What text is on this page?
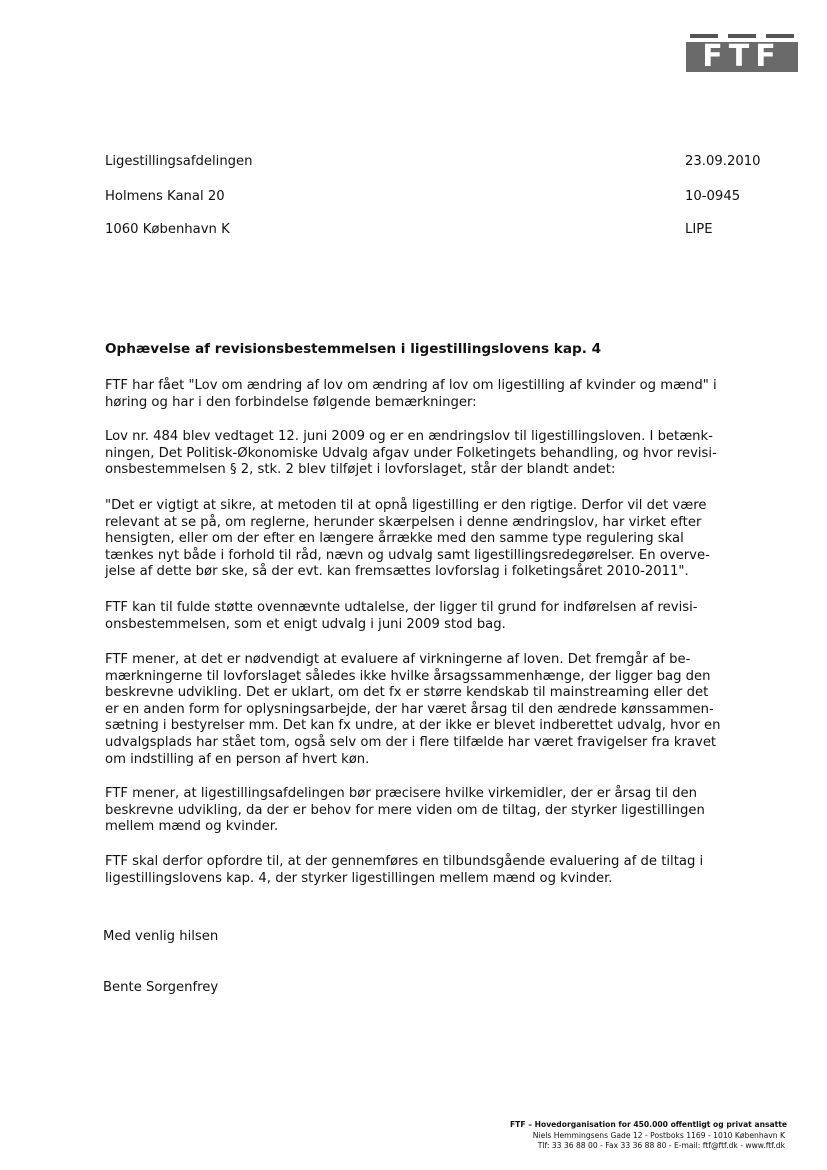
FTF
Ligestillingsafdelingen
Holmens Kanal 20
1060 København K
23.09.2010
10-0945
LIPE
Ophævelse af revisionsbestemmelsen i ligestillingslovens kap. 4
FTF har fået "Lov om ændring af lov om ændring af lov om ligestilling af kvinder og mænd" i
høring og har i den forbindelse følgende bemærkninger:
Lov nr. 484 blev vedtaget 12. juni 2009 og er en ændringslov til ligestillingsloven. I betænk-
ningen, Det Politisk-Økonomiske Udvalg afgav under Folketingets behandling, og hvor revisi-
onsbestemmelsen § 2, stk. 2 blev tilføjet i lovforslaget, står der blandt andet:
"Det er vigtigt at sikre, at metoden til at opnå ligestilling er den rigtige. Derfor vil det være
relevant at se på, om reglerne, herunder skærpelsen i denne ændringslov, har virket efter
hensigten, eller om der efter en længere årrække med den samme type regulering skal
tænkes nyt både i forhold til råd, nævn og udvalg samt ligestillingsredegørelser. En overve-
jelse af dette bør ske, så der evt. kan fremsættes lovforslag i folketingsåret 2010-2011".
FTF kan til fulde støtte ovennævnte udtalelse, der ligger til grund for indførelsen af revisi-
onsbestemmelsen, som et enigt udvalg i juni 2009 stod bag.
FTF mener, at det er nødvendigt at evaluere af virkningerne af loven. Det fremgår af be-
mærkningerne til lovforslaget således ikke hvilke årsagssammenhænge, der ligger bag den
beskrevne udvikling. Det er uklart, om det fx er større kendskab til mainstreaming eller det
er en anden form for oplysningsarbejde, der har været årsag til den ændrede kønssammen-
sætning i bestyrelser mm. Det kan fx undre, at der ikke er blevet indberettet udvalg, hvor en
udvalgsplads har stået tom, også selv om der i flere tilfælde har været fravigelser fra kravet
om indstilling af en person af hvert køn.
FTF mener, at ligestillingsafdelingen bør præcisere hvilke virkemidler, der er årsag til den
beskrevne udvikling, da der er behov for mere viden om de tiltag, der styrker ligestillingen
mellem mænd og kvinder.
FTF skal derfor opfordre til, at der gennemføres en tilbundsgående evaluering af de tiltag i
ligestillingslovens kap. 4, der styrker ligestillingen mellem mænd og kvinder.
Med venlig hilsen
Bente Sorgenfrey
FTF – Hovedorganisation for 450.000 offentligt og privat ansatte
Niels Hemmingsens Gade 12 - Postboks 1169 - 1010 København K
Tlf: 33 36 88 00 - Fax 33 36 88 80 - E-mail: ftf@ftf.dk - www.ftf.dk
